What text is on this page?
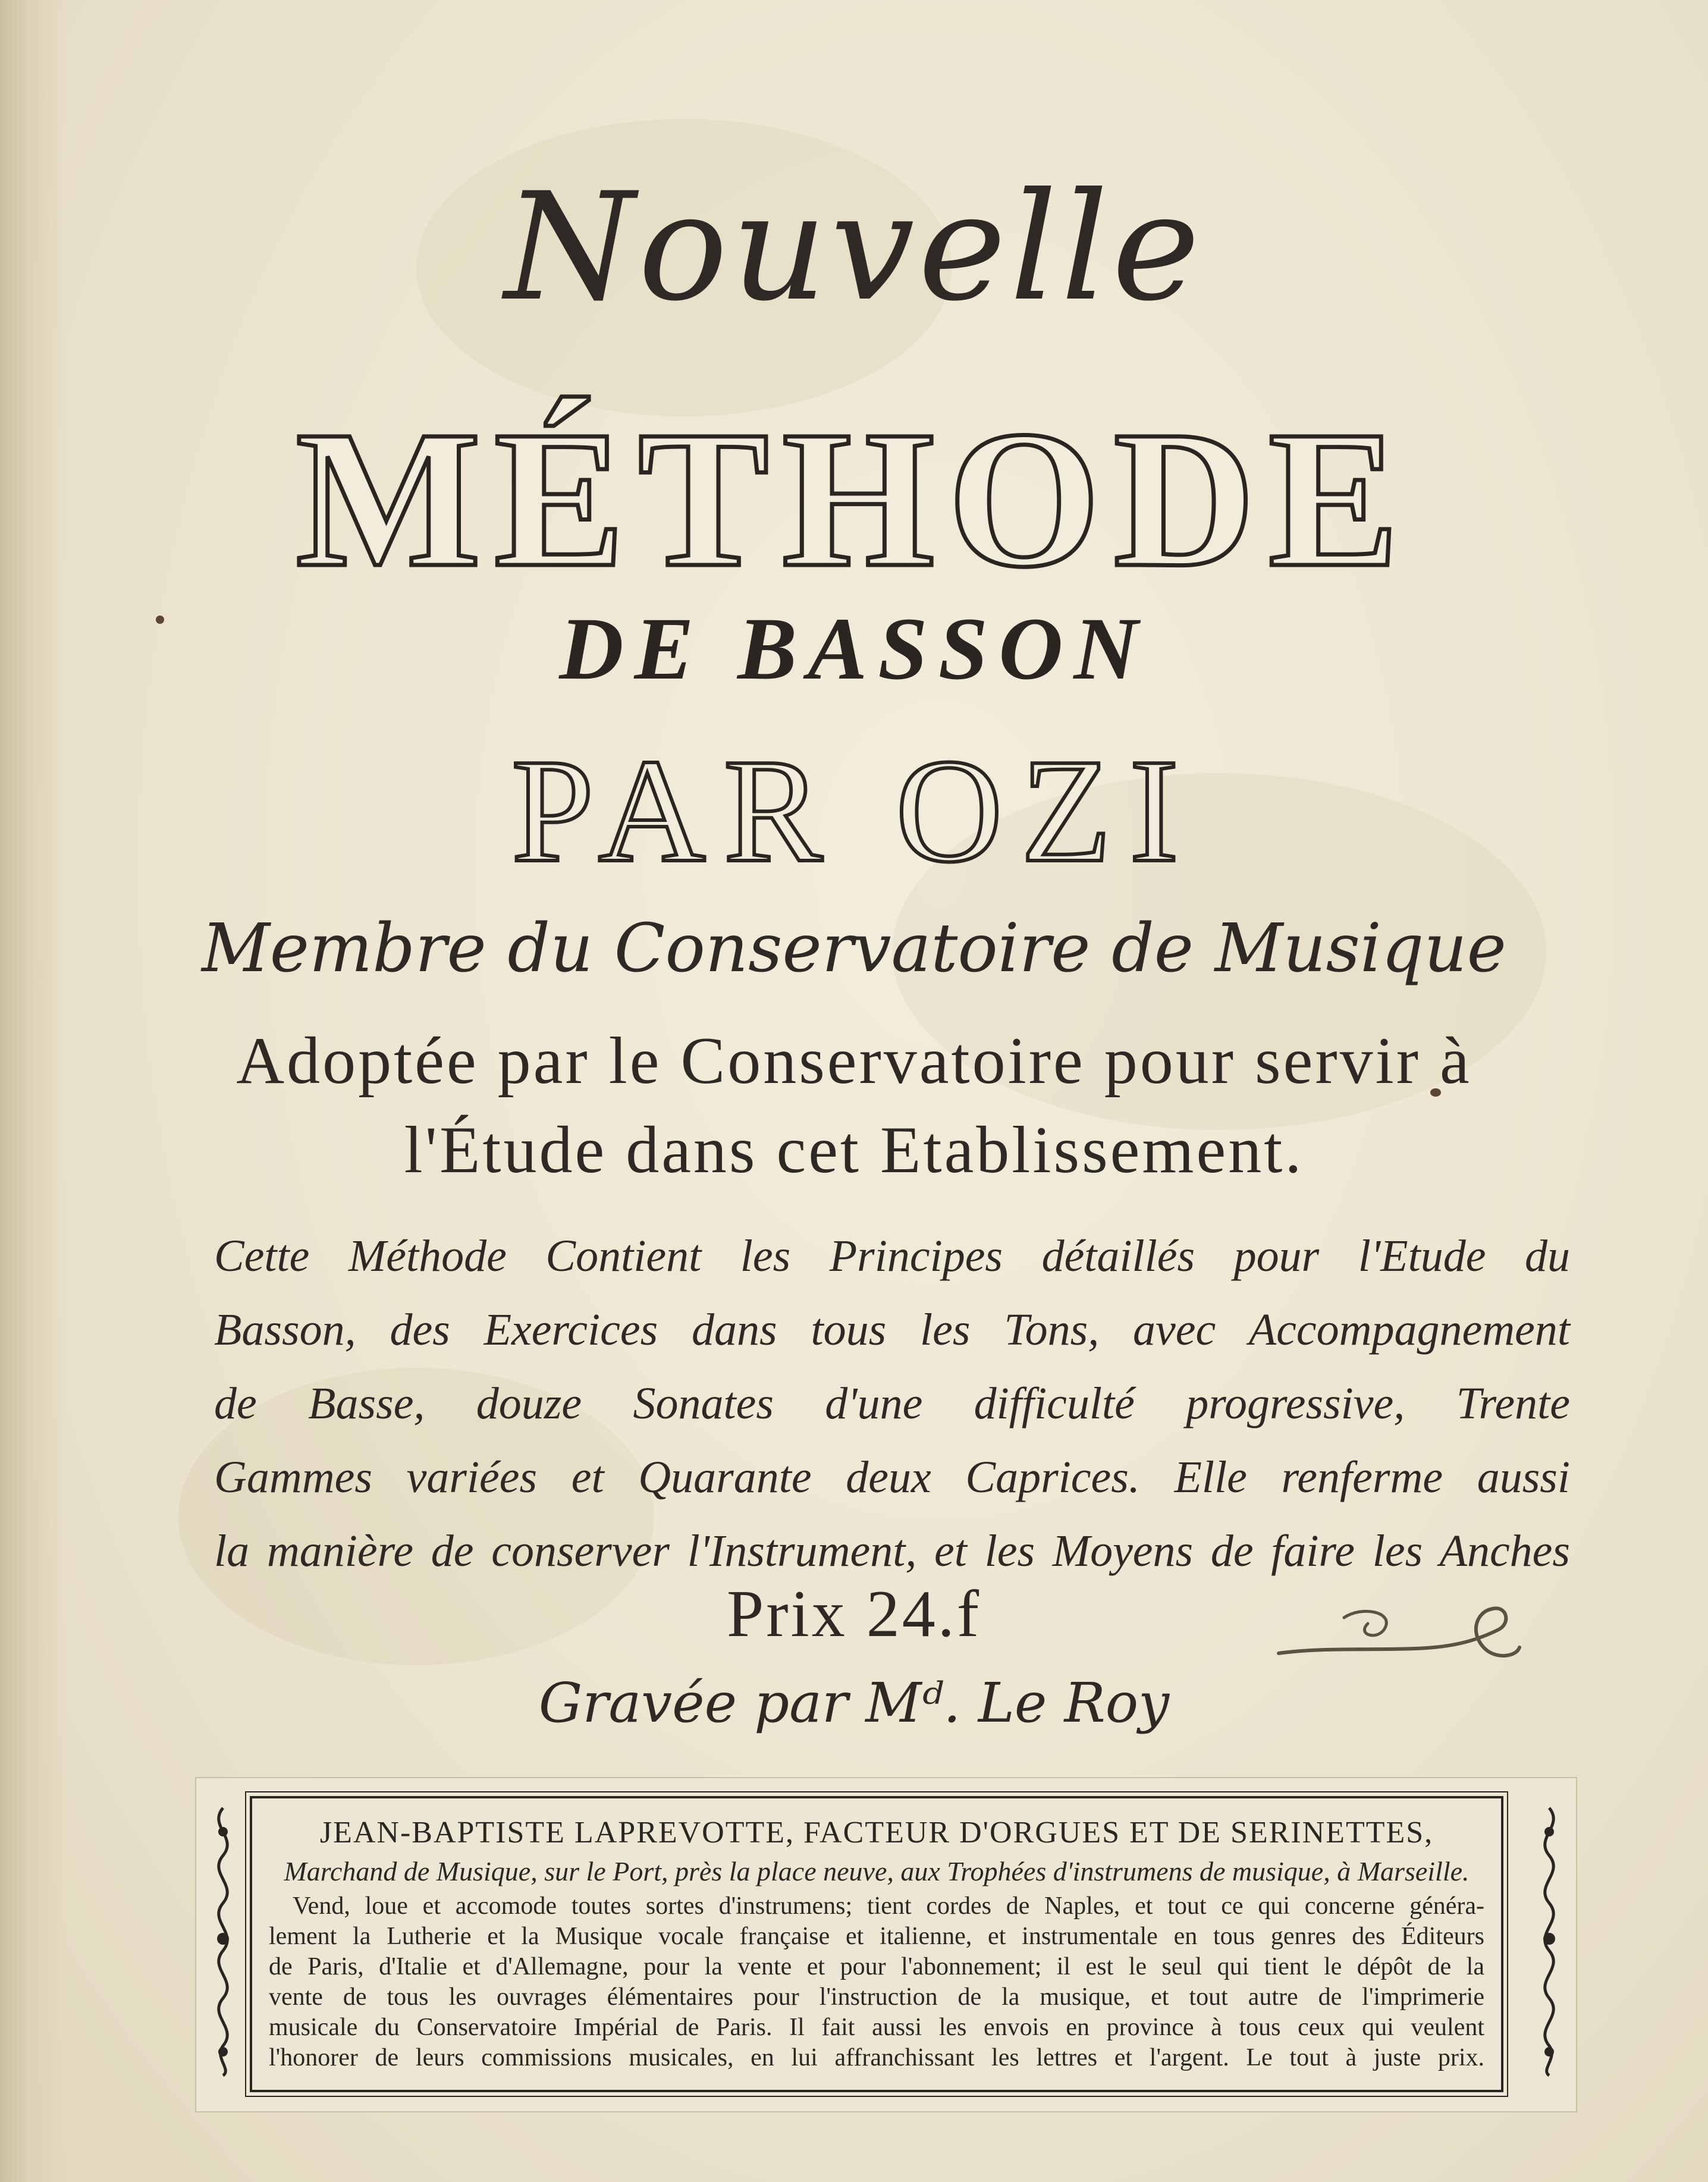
Nouvelle
MÉTHODE
DE BASSON
PAR OZI
Membre du Conservatoire de Musique
Adoptée par le Conservatoire pour servir à
l'Étude dans cet Etablissement.
Cette Méthode Contient les Principes détaillés pour l'Etude du
Basson, des Exercices dans tous les Tons, avec Accompagnement
de Basse, douze Sonates d'une difficulté progressive, Trente
Gammes variées et Quarante deux Caprices. Elle renferme aussi
la manière de conserver l'Instrument, et les Moyens de faire les Anches
Prix 24.f
Gravée par Mᵈ. Le Roy
JEAN-BAPTISTE LAPREVOTTE, FACTEUR D'ORGUES ET DE SERINETTES,
Marchand de Musique, sur le Port, près la place neuve, aux Trophées d'instrumens de musique, à Marseille.
Vend, loue et accomode toutes sortes d'instrumens; tient cordes de Naples, et tout ce qui concerne généra-
lement la Lutherie et la Musique vocale française et italienne, et instrumentale en tous genres des Éditeurs
de Paris, d'Italie et d'Allemagne, pour la vente et pour l'abonnement; il est le seul qui tient le dépôt de la
vente de tous les ouvrages élémentaires pour l'instruction de la musique, et tout autre de l'imprimerie
musicale du Conservatoire Impérial de Paris. Il fait aussi les envois en province à tous ceux qui veulent
l'honorer de leurs commissions musicales, en lui affranchissant les lettres et l'argent. Le tout à juste prix.
